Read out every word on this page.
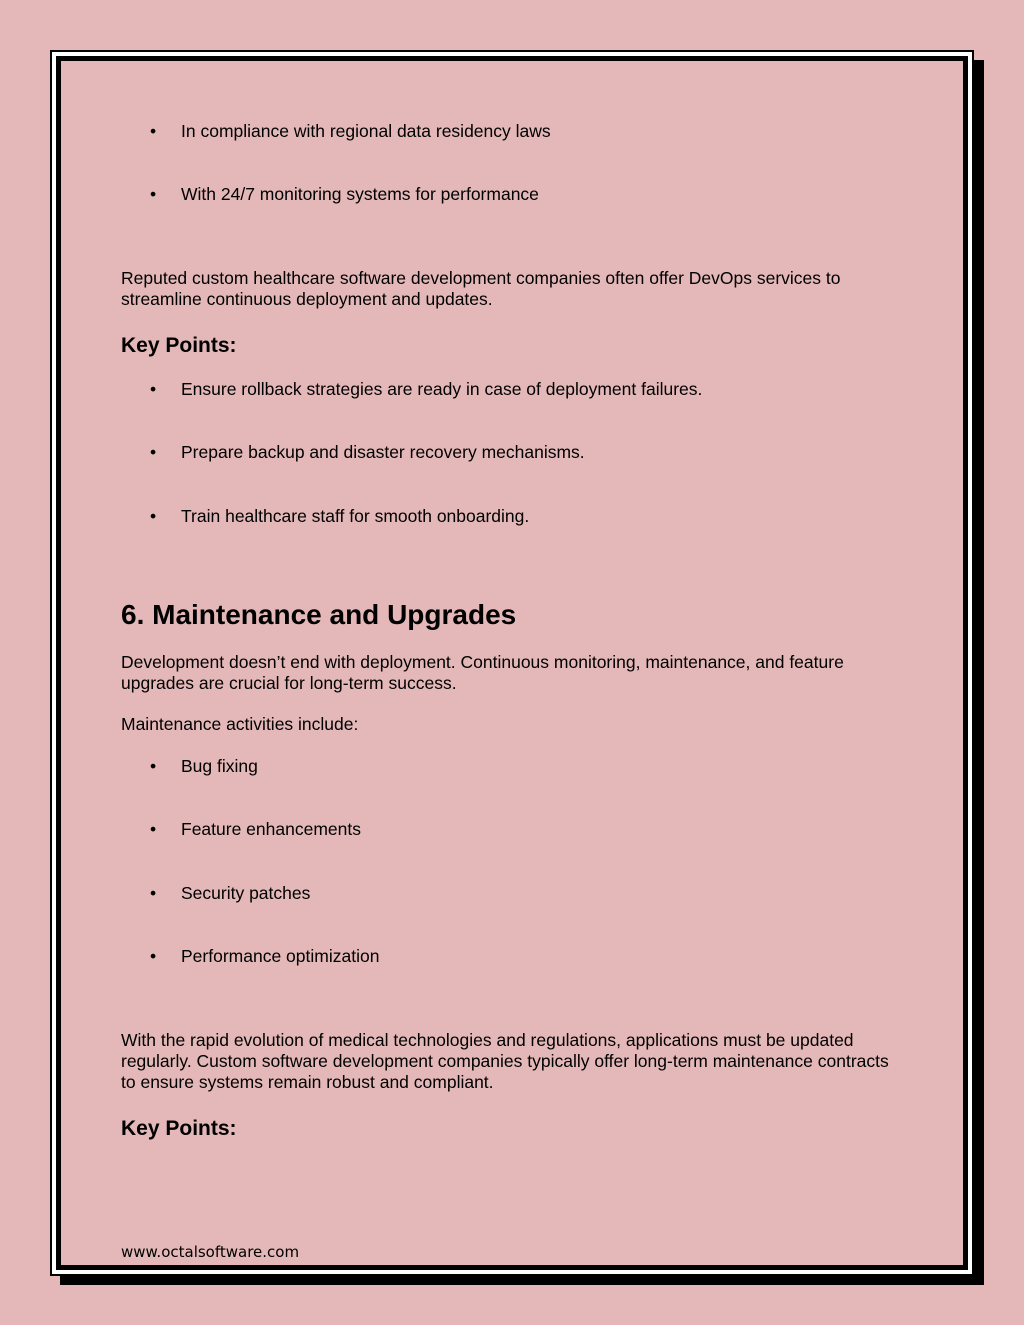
• In compliance with regional data residency laws
• With 24/7 monitoring systems for performance
Reputed custom healthcare software development companies often offer DevOps services to streamline continuous deployment and updates.
Key Points:
• Ensure rollback strategies are ready in case of deployment failures.
• Prepare backup and disaster recovery mechanisms.
• Train healthcare staff for smooth onboarding.
6. Maintenance and Upgrades
Development doesn’t end with deployment. Continuous monitoring, maintenance, and feature upgrades are crucial for long-term success.
Maintenance activities include:
• Bug fixing
• Feature enhancements
• Security patches
• Performance optimization
With the rapid evolution of medical technologies and regulations, applications must be updated regularly. Custom software development companies typically offer long-term maintenance contracts to ensure systems remain robust and compliant.
Key Points:
www.octalsoftware.com
